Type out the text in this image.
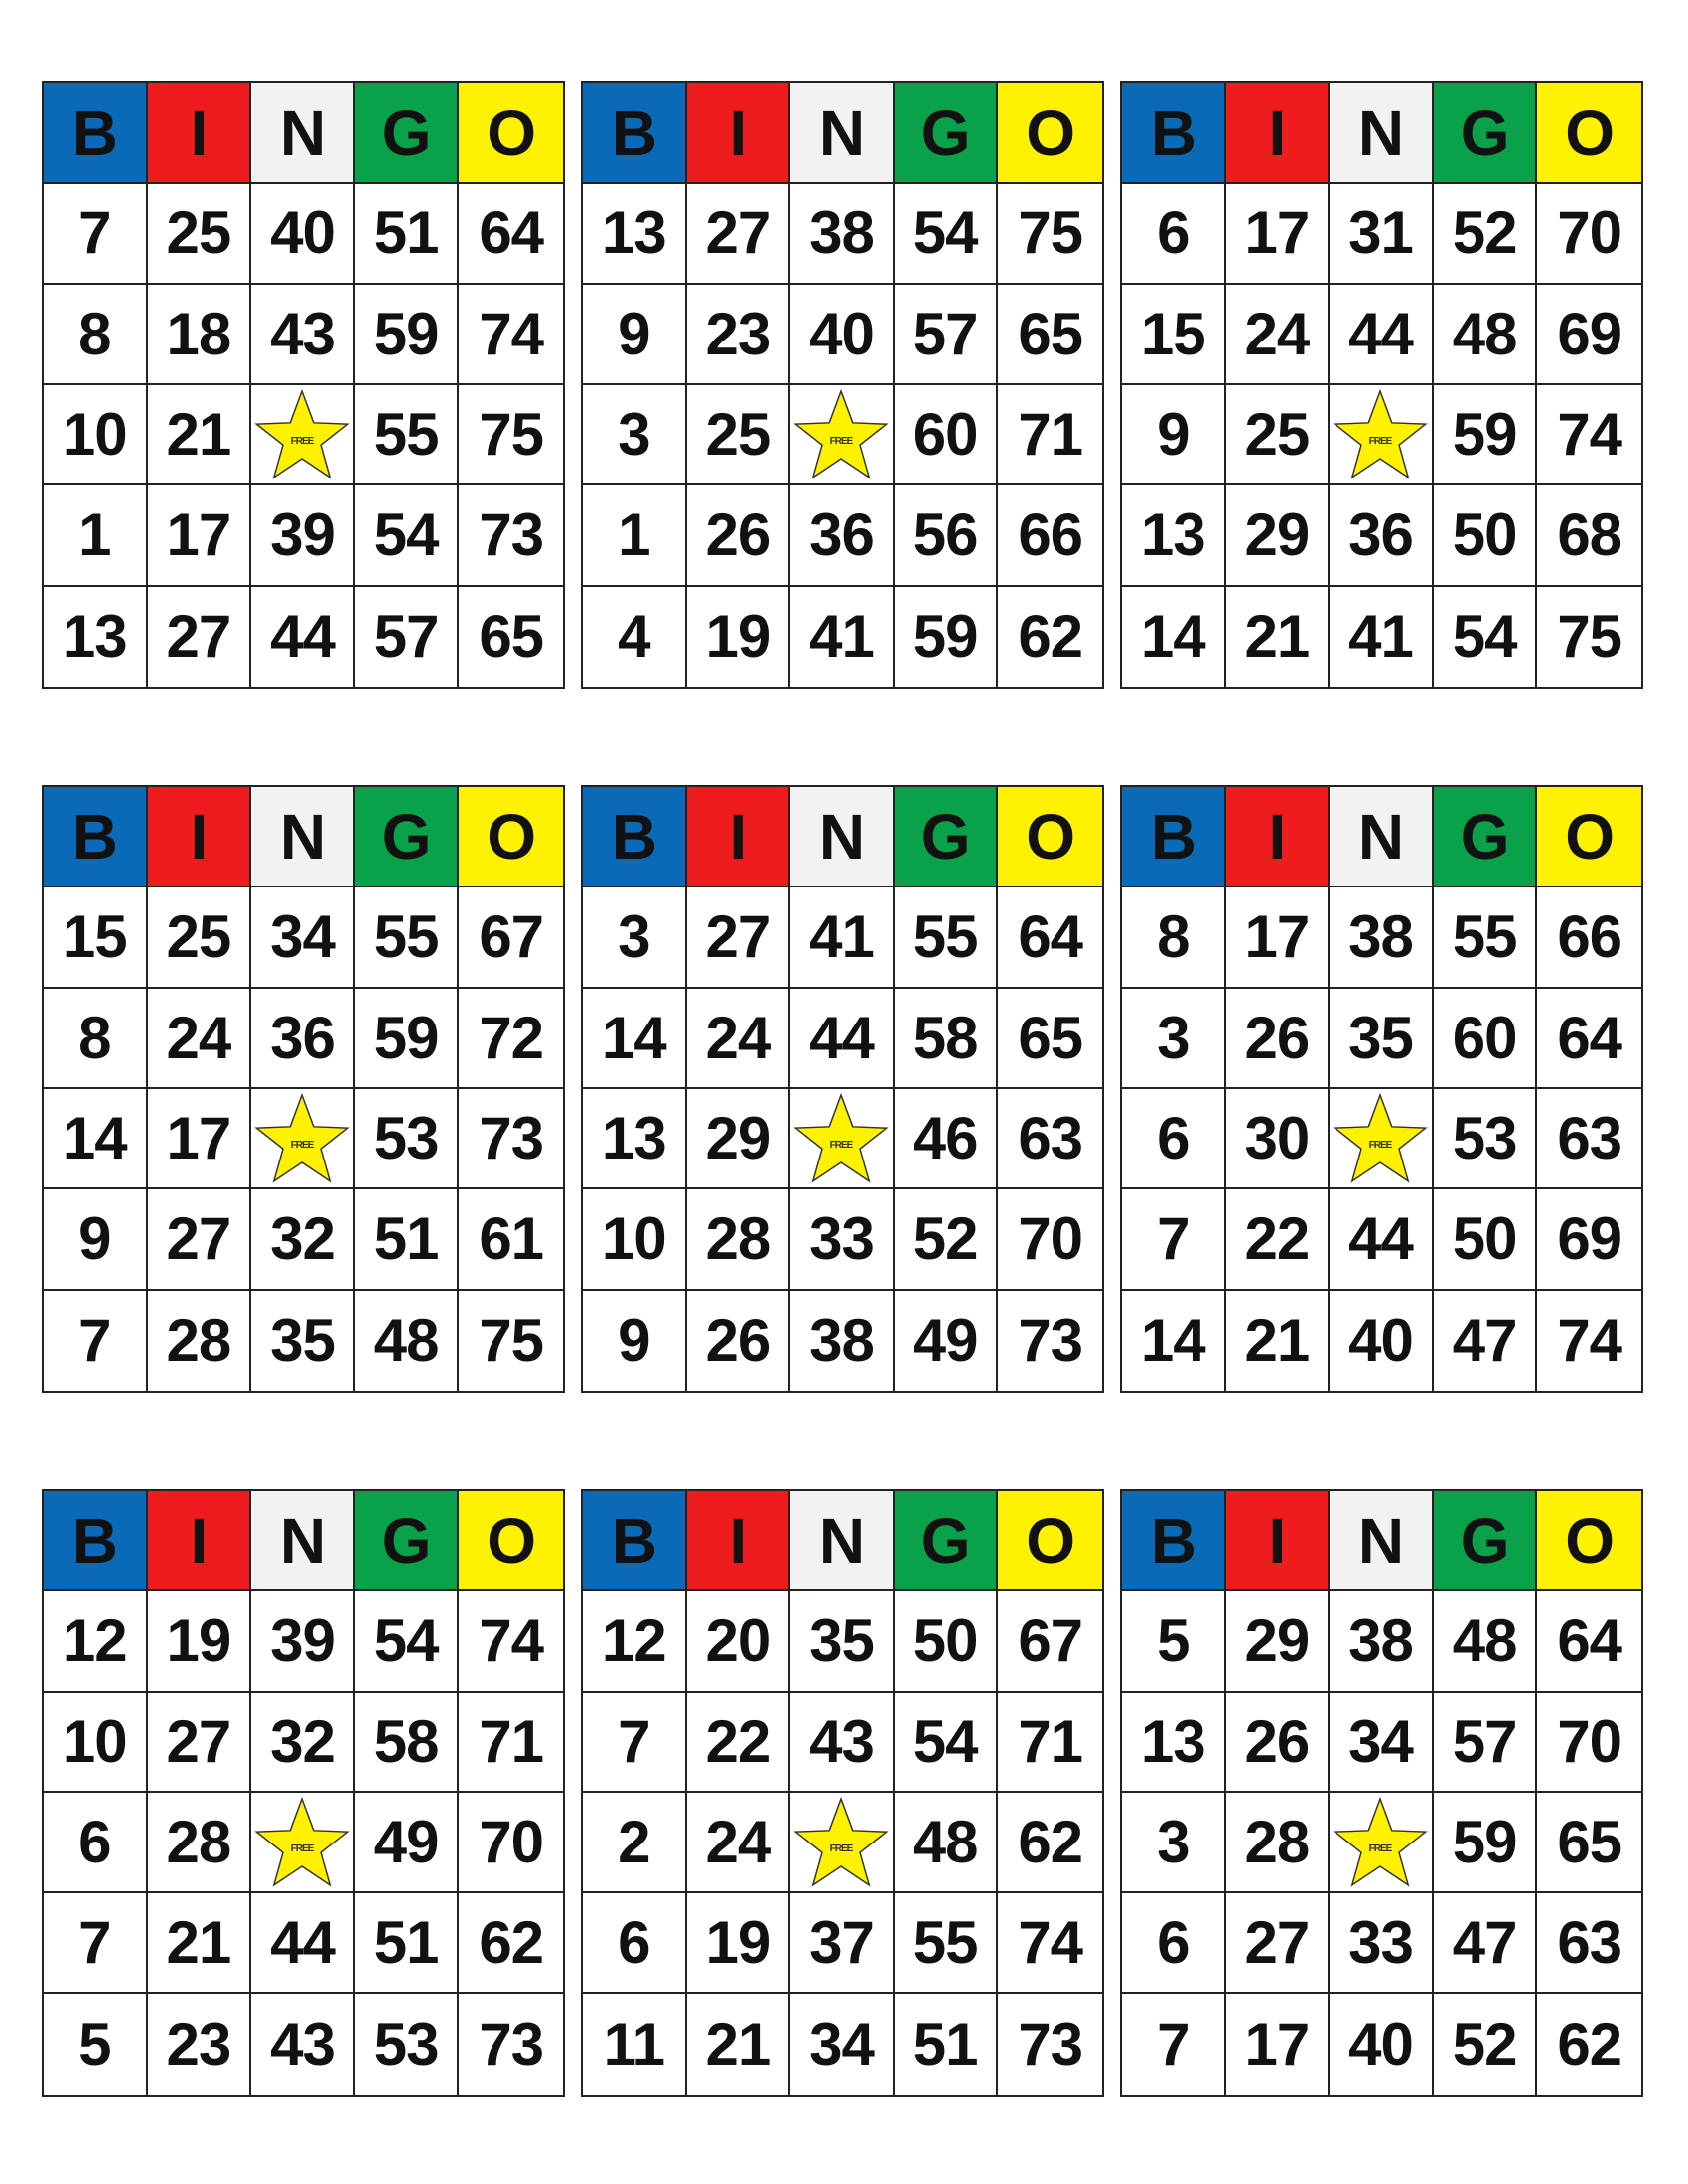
B	I	N G O
7 25 40 51 64
8 18 43 59 74
10 21	FREE	55 75
1 17 39 54 73
13 27 44 57 65
B	I	N G O
13 27 38 54 75
9 23 40 57 65
3 25	FREE	60 71
1 26 36 56 66
4 19 41 59 62
B	I	N G O
6 17 31 52 70
15 24 44 48 69
9 25	FREE	59 74
13 29 36 50 68
14 21 41 54 75
B	I	N G O
15 25 34 55 67
8 24 36 59 72
14 17	FREE	53 73
9 27 32 51 61
7 28 35 48 75
B	I	N G O
3 27 41 55 64
14 24 44 58 65
13 29	FREE	46 63
10 28 33 52 70
9 26 38 49 73
B	I	N G O
8 17 38 55 66
3 26 35 60 64
6 30	FREE	53 63
7 22 44 50 69
14 21 40 47 74
B	I	N G O
12 19 39 54 74
10 27 32 58 71
6 28	FREE	49 70
7 21 44 51 62
5 23 43 53 73
B	I	N G O
12 20 35 50 67
7 22 43 54 71
2 24	FREE	48 62
6 19 37 55 74
11 21 34 51 73
B	I	N G O
5 29 38 48 64
13 26 34 57 70
3 28	FREE	59 65
6 27 33 47 63
7 17 40 52 62
